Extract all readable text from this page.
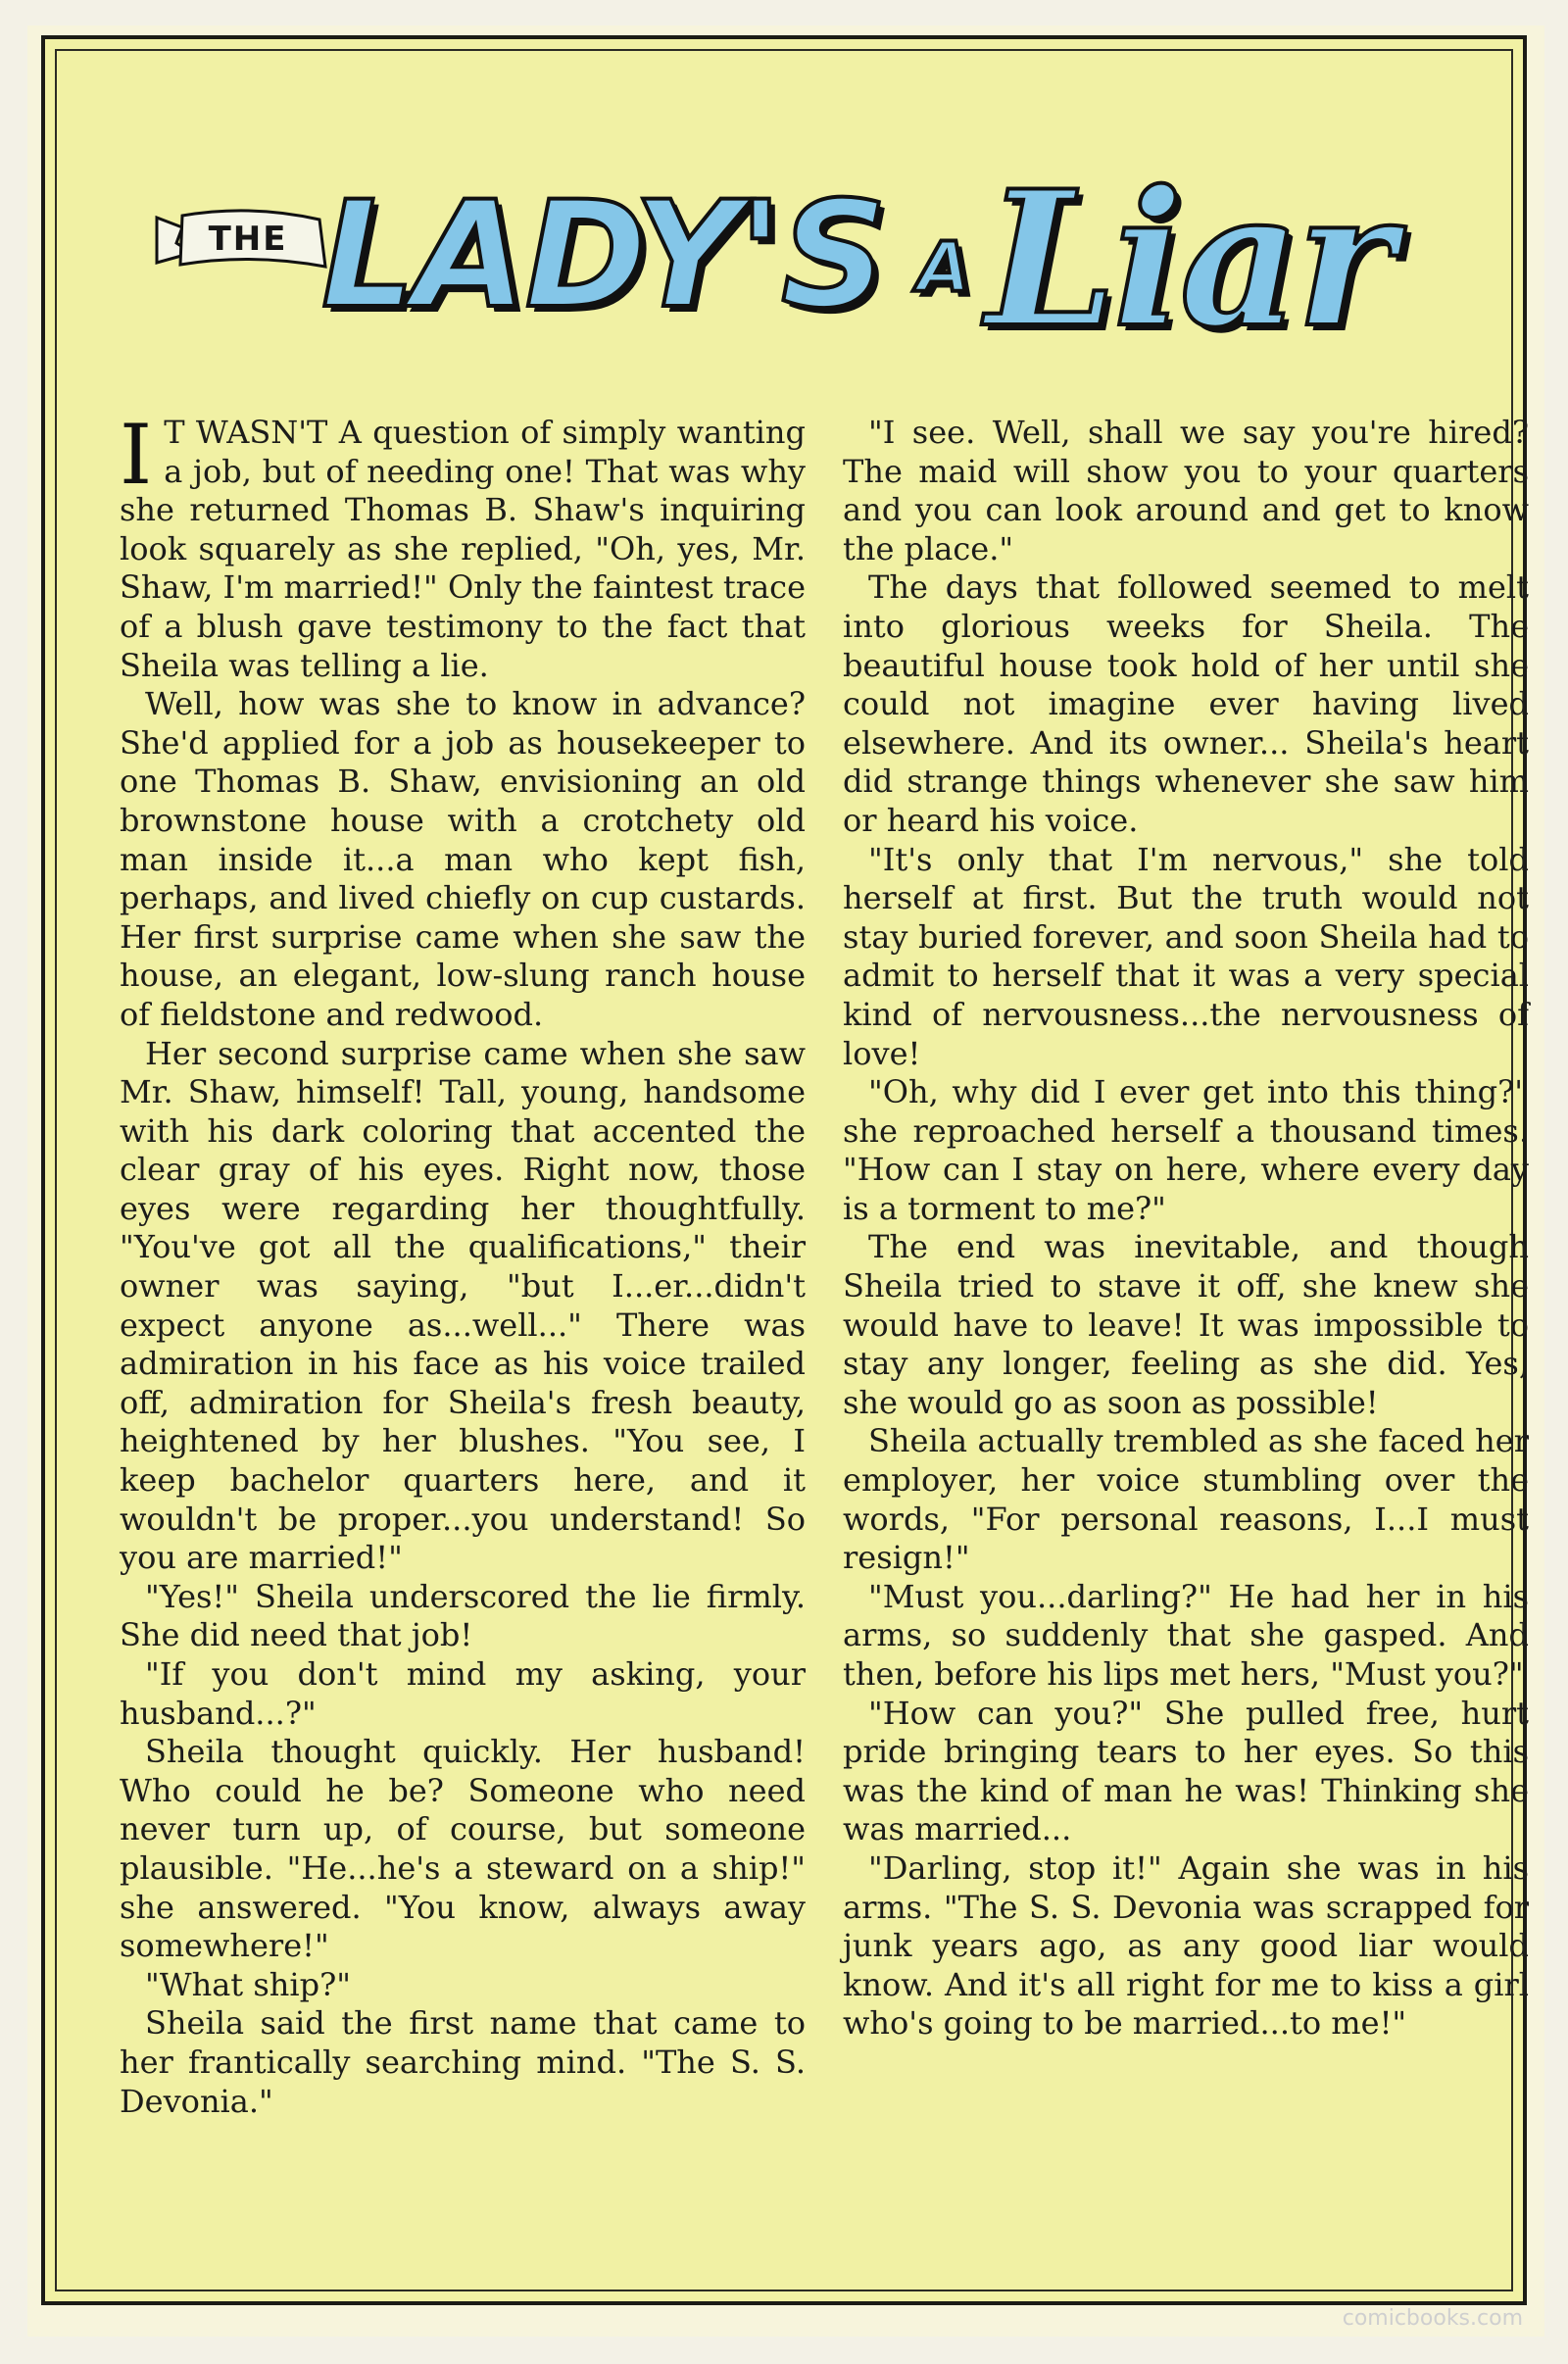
THE LADY'S A Liar

I T WASN'T A question of simply wanting a job, but of needing one! That was why she returned Thomas B. Shaw's inquiring look squarely as she replied, "Oh, yes, Mr. Shaw, I'm married!" Only the faintest trace of a blush gave testimony to the fact that Sheila was telling a lie.

Well, how was she to know in advance? She'd applied for a job as housekeeper to one Thomas B. Shaw, envisioning an old brownstone house with a crotchety old man inside it...a man who kept fish, perhaps, and lived chiefly on cup custards. Her first surprise came when she saw the house, an elegant, low-slung ranch house of fieldstone and redwood.

Her second surprise came when she saw Mr. Shaw, himself! Tall, young, handsome with his dark coloring that accented the clear gray of his eyes. Right now, those eyes were regarding her thoughtfully. "You've got all the qualifications," their owner was saying, "but I...er...didn't expect anyone as...well..." There was admiration in his face as his voice trailed off, admiration for Sheila's fresh beauty, heightened by her blushes. "You see, I keep bachelor quarters here, and it wouldn't be proper...you understand! So you are married!"

"Yes!" Sheila underscored the lie firmly. She did need that job!

"If you don't mind my asking, your husband...?"

Sheila thought quickly. Her husband! Who could he be? Someone who need never turn up, of course, but someone plausible. "He...he's a steward on a ship!" she answered. "You know, always away somewhere!"

"What ship?"

Sheila said the first name that came to her frantically searching mind. "The S. S. Devonia."

"I see. Well, shall we say you're hired? The maid will show you to your quarters and you can look around and get to know the place."

The days that followed seemed to melt into glorious weeks for Sheila. The beautiful house took hold of her until she could not imagine ever having lived elsewhere. And its owner... Sheila's heart did strange things whenever she saw him or heard his voice.

"It's only that I'm nervous," she told herself at first. But the truth would not stay buried forever, and soon Sheila had to admit to herself that it was a very special kind of nervousness...the nervousness of love!

"Oh, why did I ever get into this thing?" she reproached herself a thousand times. "How can I stay on here, where every day is a torment to me?"

The end was inevitable, and though Sheila tried to stave it off, she knew she would have to leave! It was impossible to stay any longer, feeling as she did. Yes, she would go as soon as possible!

Sheila actually trembled as she faced her employer, her voice stumbling over the words, "For personal reasons, I...I must resign!"

"Must you...darling?" He had her in his arms, so suddenly that she gasped. And then, before his lips met hers, "Must you?"

"How can you?" She pulled free, hurt pride bringing tears to her eyes. So this was the kind of man he was! Thinking she was married...

"Darling, stop it!" Again she was in his arms. "The S. S. Devonia was scrapped for junk years ago, as any good liar would know. And it's all right for me to kiss a girl who's going to be married...to me!"

comicbooks.com
